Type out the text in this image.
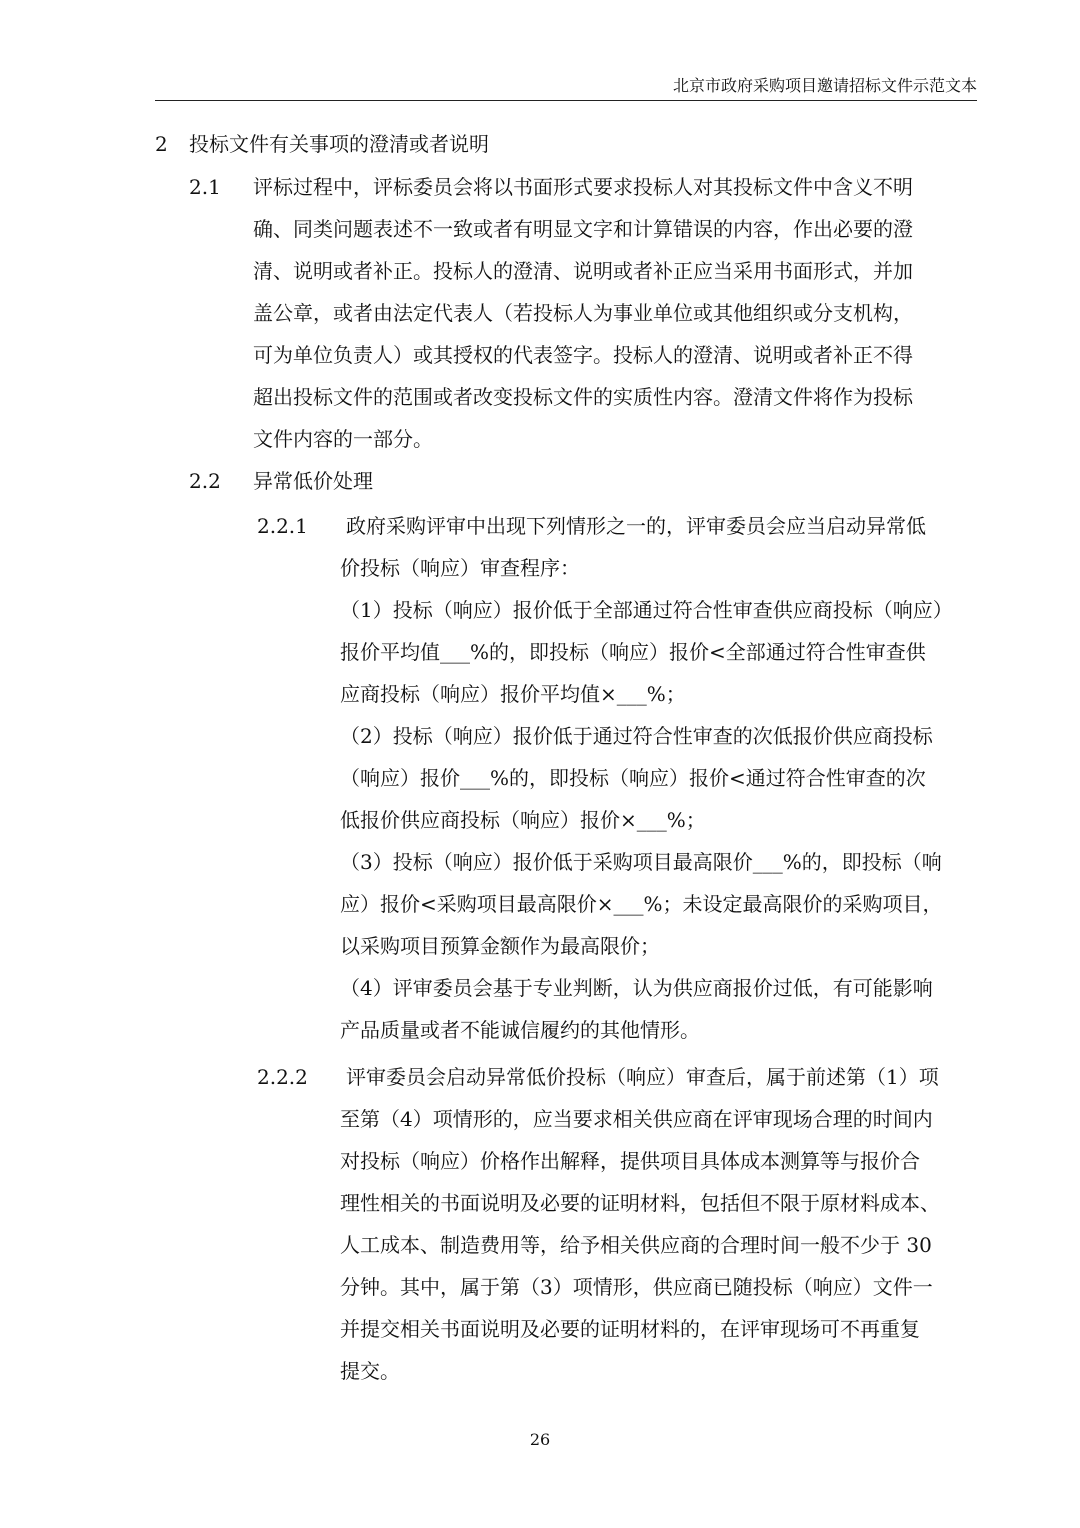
北京市政府采购项目邀请招标文件示范文本
2 投标文件有关事项的澄清或者说明
2.1 评标过程中，评标委员会将以书面形式要求投标人对其投标文件中含义不明
确、同类问题表述不一致或者有明显文字和计算错误的内容，作出必要的澄
清、说明或者补正。投标人的澄清、说明或者补正应当采用书面形式，并加
盖公章，或者由法定代表人（若投标人为事业单位或其他组织或分支机构，
可为单位负责人）或其授权的代表签字。投标人的澄清、说明或者补正不得
超出投标文件的范围或者改变投标文件的实质性内容。澄清文件将作为投标
文件内容的一部分。
2.2 异常低价处理
2.2.1 政府采购评审中出现下列情形之一的，评审委员会应当启动异常低
价投标（响应）审查程序：
（1）投标（响应）报价低于全部通过符合性审查供应商投标（响应）
报价平均值___%的，即投标（响应）报价<全部通过符合性审查供
应商投标（响应）报价平均值×___%；
（2）投标（响应）报价低于通过符合性审查的次低报价供应商投标
（响应）报价___%的，即投标（响应）报价<通过符合性审查的次
低报价供应商投标（响应）报价×___%；
（3）投标（响应）报价低于采购项目最高限价___%的，即投标（响
应）报价<采购项目最高限价×___%；未设定最高限价的采购项目，
以采购项目预算金额作为最高限价；
（4）评审委员会基于专业判断，认为供应商报价过低，有可能影响
产品质量或者不能诚信履约的其他情形。
2.2.2 评审委员会启动异常低价投标（响应）审查后，属于前述第（1）项
至第（4）项情形的，应当要求相关供应商在评审现场合理的时间内
对投标（响应）价格作出解释，提供项目具体成本测算等与报价合
理性相关的书面说明及必要的证明材料，包括但不限于原材料成本、
人工成本、制造费用等，给予相关供应商的合理时间一般不少于 30
分钟。其中，属于第（3）项情形，供应商已随投标（响应）文件一
并提交相关书面说明及必要的证明材料的，在评审现场可不再重复
提交。
26
